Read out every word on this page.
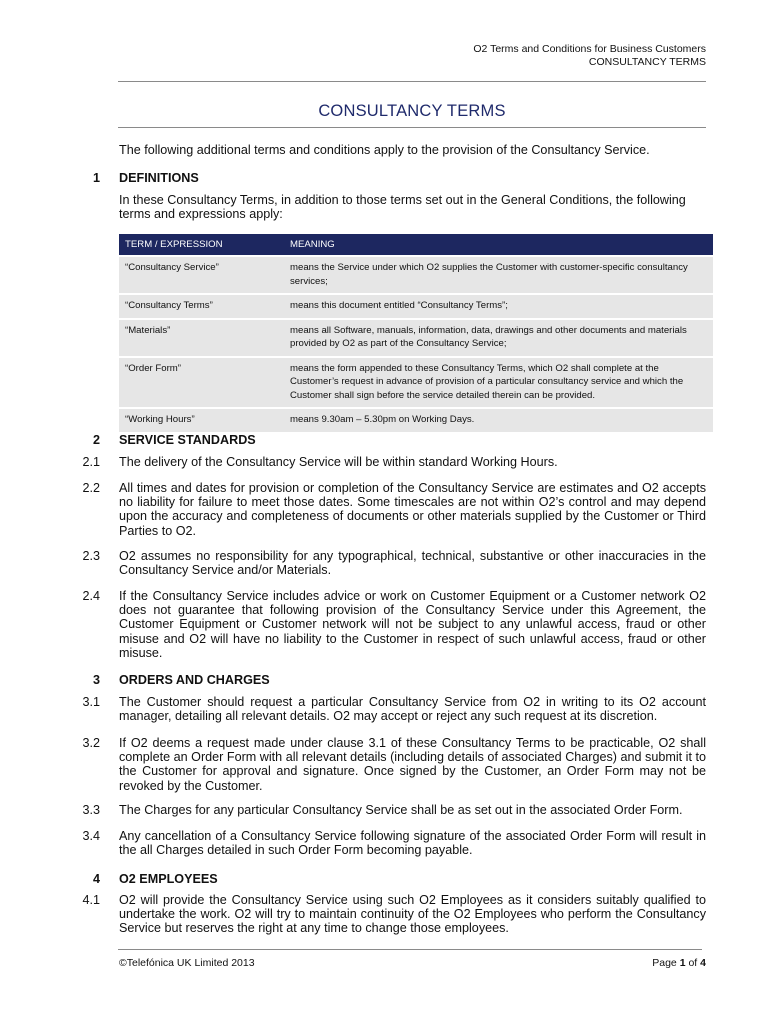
O2 Terms and Conditions for Business Customers
CONSULTANCY TERMS
CONSULTANCY TERMS
The following additional terms and conditions apply to the provision of the Consultancy Service.
1 DEFINITIONS
In these Consultancy Terms, in addition to those terms set out in the General Conditions, the following terms and expressions apply:
TERM / EXPRESSION	MEANING
“Consultancy Service”	means the Service under which O2 supplies the Customer with customer-specific consultancy services;
“Consultancy Terms”	means this document entitled “Consultancy Terms”;
“Materials”	means all Software, manuals, information, data, drawings and other documents and materials provided by O2 as part of the Consultancy Service;
“Order Form”	means the form appended to these Consultancy Terms, which O2 shall complete at the Customer’s request in advance of provision of a particular consultancy service and which the Customer shall sign before the service detailed therein can be provided.
“Working Hours”	means 9.30am – 5.30pm on Working Days.
2 SERVICE STANDARDS
2.1 The delivery of the Consultancy Service will be within standard Working Hours.
2.2 All times and dates for provision or completion of the Consultancy Service are estimates and O2 accepts no liability for failure to meet those dates. Some timescales are not within O2’s control and may depend upon the accuracy and completeness of documents or other materials supplied by the Customer or Third Parties to O2.
2.3 O2 assumes no responsibility for any typographical, technical, substantive or other inaccuracies in the Consultancy Service and/or Materials.
2.4 If the Consultancy Service includes advice or work on Customer Equipment or a Customer network O2 does not guarantee that following provision of the Consultancy Service under this Agreement, the Customer Equipment or Customer network will not be subject to any unlawful access, fraud or other misuse and O2 will have no liability to the Customer in respect of such unlawful access, fraud or other misuse.
3 ORDERS AND CHARGES
3.1 The Customer should request a particular Consultancy Service from O2 in writing to its O2 account manager, detailing all relevant details. O2 may accept or reject any such request at its discretion.
3.2 If O2 deems a request made under clause 3.1 of these Consultancy Terms to be practicable, O2 shall complete an Order Form with all relevant details (including details of associated Charges) and submit it to the Customer for approval and signature. Once signed by the Customer, an Order Form may not be revoked by the Customer.
3.3 The Charges for any particular Consultancy Service shall be as set out in the associated Order Form.
3.4 Any cancellation of a Consultancy Service following signature of the associated Order Form will result in the all Charges detailed in such Order Form becoming payable.
4 O2 EMPLOYEES
4.1 O2 will provide the Consultancy Service using such O2 Employees as it considers suitably qualified to undertake the work. O2 will try to maintain continuity of the O2 Employees who perform the Consultancy Service but reserves the right at any time to change those employees.
©Telefónica UK Limited 2013	Page 1 of 4
